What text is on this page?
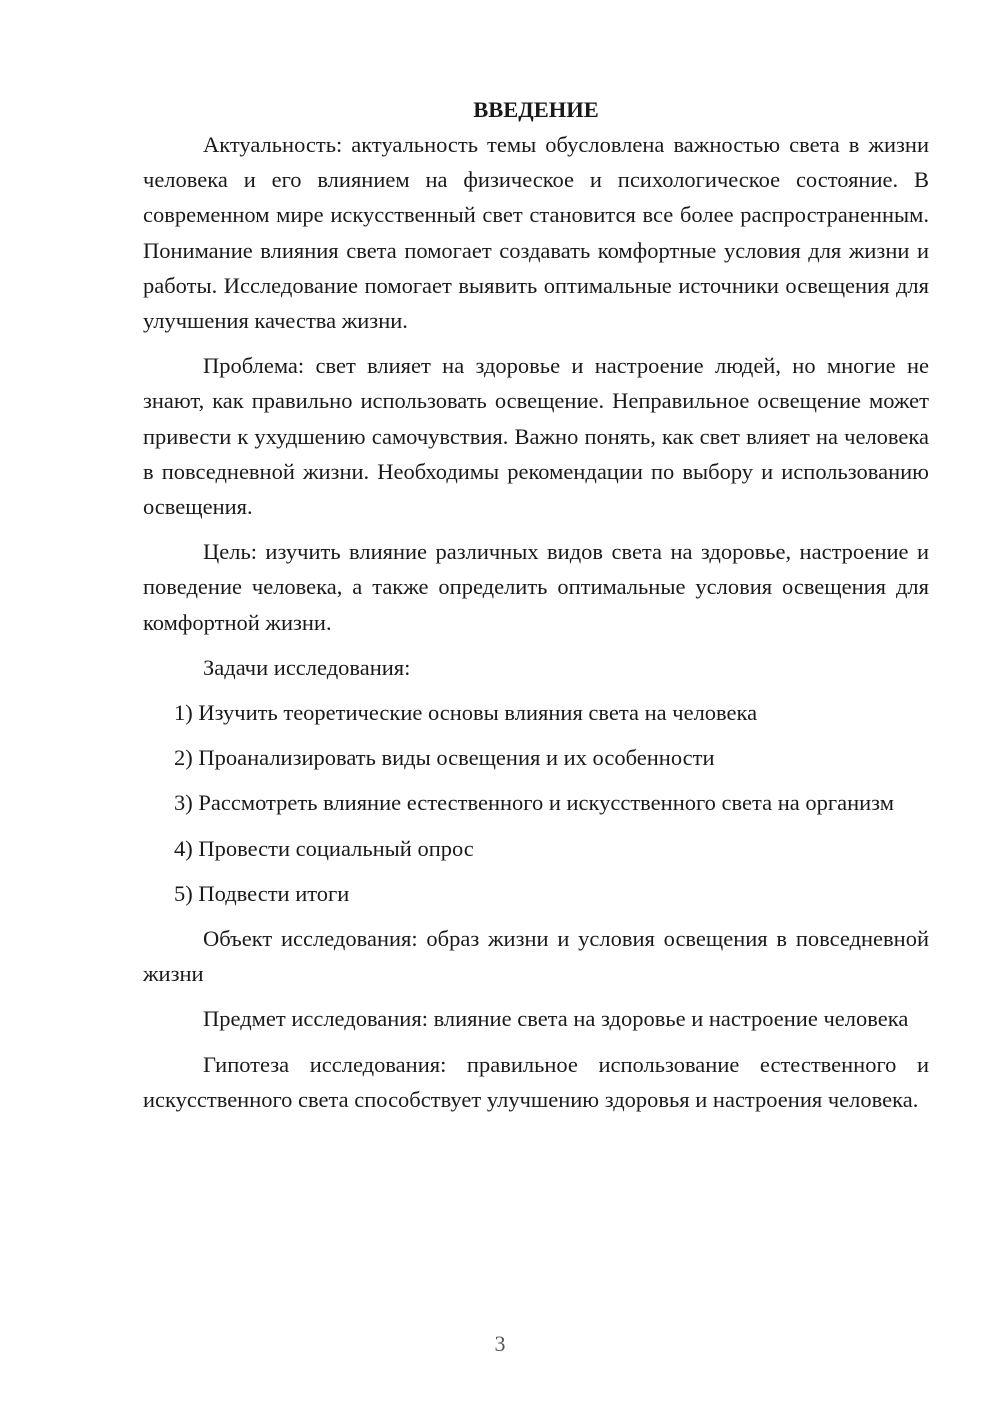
ВВЕДЕНИЕ

Актуальность: актуальность темы обусловлена важностью света в жизни человека и его влиянием на физическое и психологическое состояние. В современном мире искусственный свет становится все более распространенным. Понимание влияния света помогает создавать комфортные условия для жизни и работы. Исследование помогает выявить оптимальные источники освещения для улучшения качества жизни.

Проблема: свет влияет на здоровье и настроение людей, но многие не знают, как правильно использовать освещение. Неправильное освещение может привести к ухудшению самочувствия. Важно понять, как свет влияет на человека в повседневной жизни. Необходимы рекомендации по выбору и использованию освещения.

Цель: изучить влияние различных видов света на здоровье, настроение и поведение человека, а также определить оптимальные условия освещения для комфортной жизни.

Задачи исследования:

1) Изучить теоретические основы влияния света на человека

2) Проанализировать виды освещения и их особенности

3) Рассмотреть влияние естественного и искусственного света на организм

4) Провести социальный опрос

5) Подвести итоги

Объект исследования: образ жизни и условия освещения в повседневной жизни

Предмет исследования: влияние света на здоровье и настроение человека

Гипотеза исследования: правильное использование естественного и искусственного света способствует улучшению здоровья и настроения человека.

3
